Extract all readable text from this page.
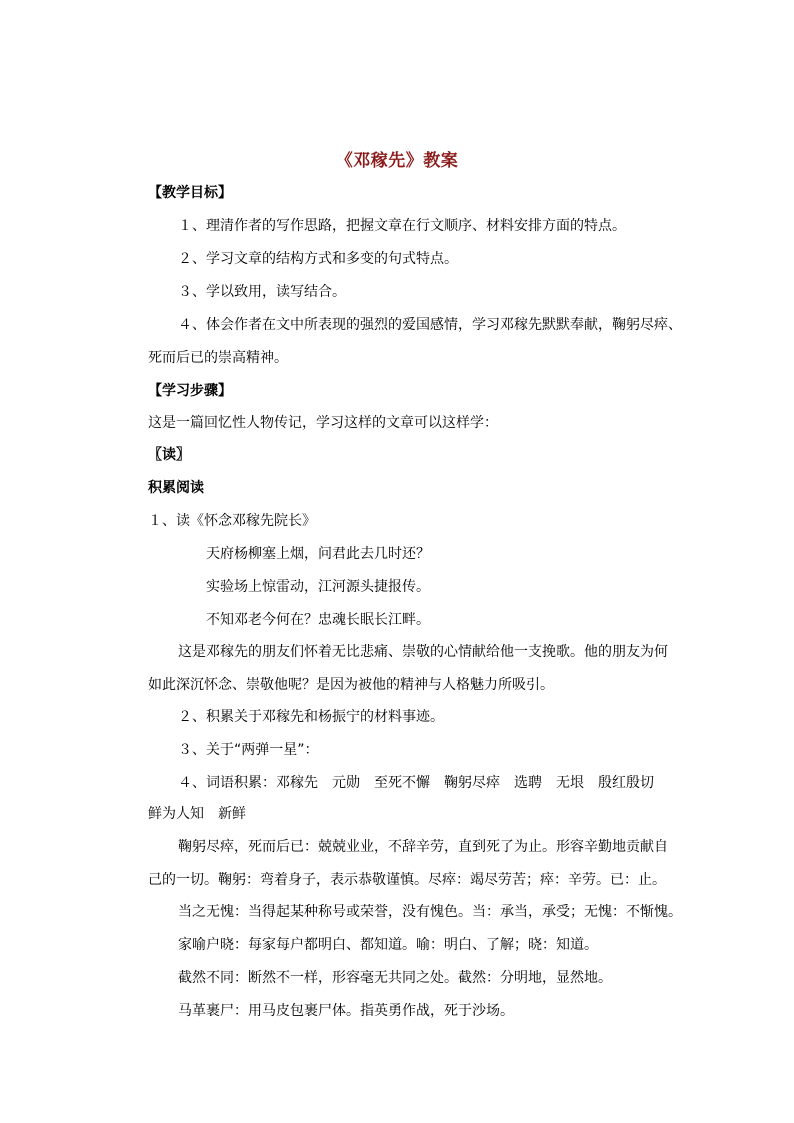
《邓稼先》教案
【教学目标】
１、理清作者的写作思路，把握文章在行文顺序、材料安排方面的特点。
２、学习文章的结构方式和多变的句式特点。
３、学以致用，读写结合。
４、体会作者在文中所表现的强烈的爱国感情，学习邓稼先默默奉献，鞠躬尽瘁、
死而后已的崇高精神。
【学习步骤】
这是一篇回忆性人物传记，学习这样的文章可以这样学：
〖读〗
积累阅读
１、读《怀念邓稼先院长》
天府杨柳塞上烟，问君此去几时还？
实验场上惊雷动，江河源头捷报传。
不知邓老今何在？忠魂长眠长江畔。
这是邓稼先的朋友们怀着无比悲痛、崇敬的心情献给他一支挽歌。他的朋友为何
如此深沉怀念、崇敬他呢？是因为被他的精神与人格魅力所吸引。
２、积累关于邓稼先和杨振宁的材料事迹。
３、关于“两弹一星”：
４、词语积累：邓稼先 元勋 至死不懈 鞠躬尽瘁 选聘 无垠 殷红殷切
鲜为人知 新鲜
鞠躬尽瘁，死而后已：兢兢业业，不辞辛劳，直到死了为止。形容辛勤地贡献自
己的一切。鞠躬：弯着身子，表示恭敬谨慎。尽瘁：竭尽劳苦；瘁：辛劳。已：止。
当之无愧：当得起某种称号或荣誉，没有愧色。当：承当，承受；无愧：不惭愧。
家喻户晓：每家每户都明白、都知道。喻：明白、了解；晓：知道。
截然不同：断然不一样，形容毫无共同之处。截然：分明地，显然地。
马革裹尸：用马皮包裹尸体。指英勇作战，死于沙场。
